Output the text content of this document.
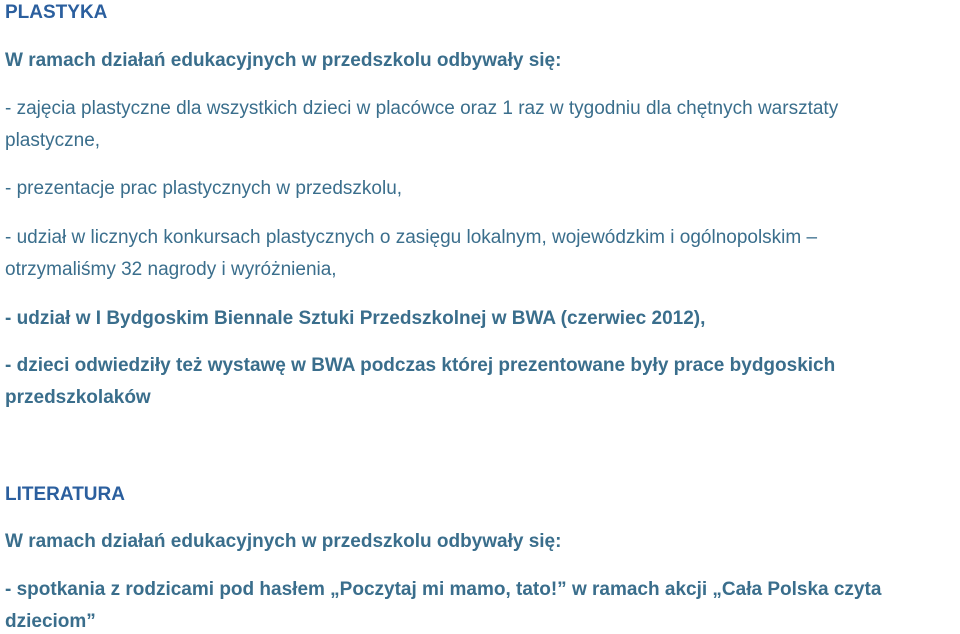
PLASTYKA
W ramach działań edukacyjnych w przedszkolu odbywały się:
- zajęcia plastyczne dla wszystkich dzieci w placówce oraz 1 raz w tygodniu dla chętnych warsztaty
plastyczne,
- prezentacje prac plastycznych w przedszkolu,
- udział w licznych konkursach plastycznych o zasięgu lokalnym, wojewódzkim i ogólnopolskim –
otrzymaliśmy 32 nagrody i wyróżnienia,
- udział w I Bydgoskim Biennale Sztuki Przedszkolnej w BWA (czerwiec 2012),
- dzieci odwiedziły też wystawę w BWA podczas której prezentowane były prace bydgoskich
przedszkolaków
LITERATURA
W ramach działań edukacyjnych w przedszkolu odbywały się:
- spotkania z rodzicami pod hasłem „Poczytaj mi mamo, tato!” w ramach akcji „Cała Polska czyta
dzieciom”
